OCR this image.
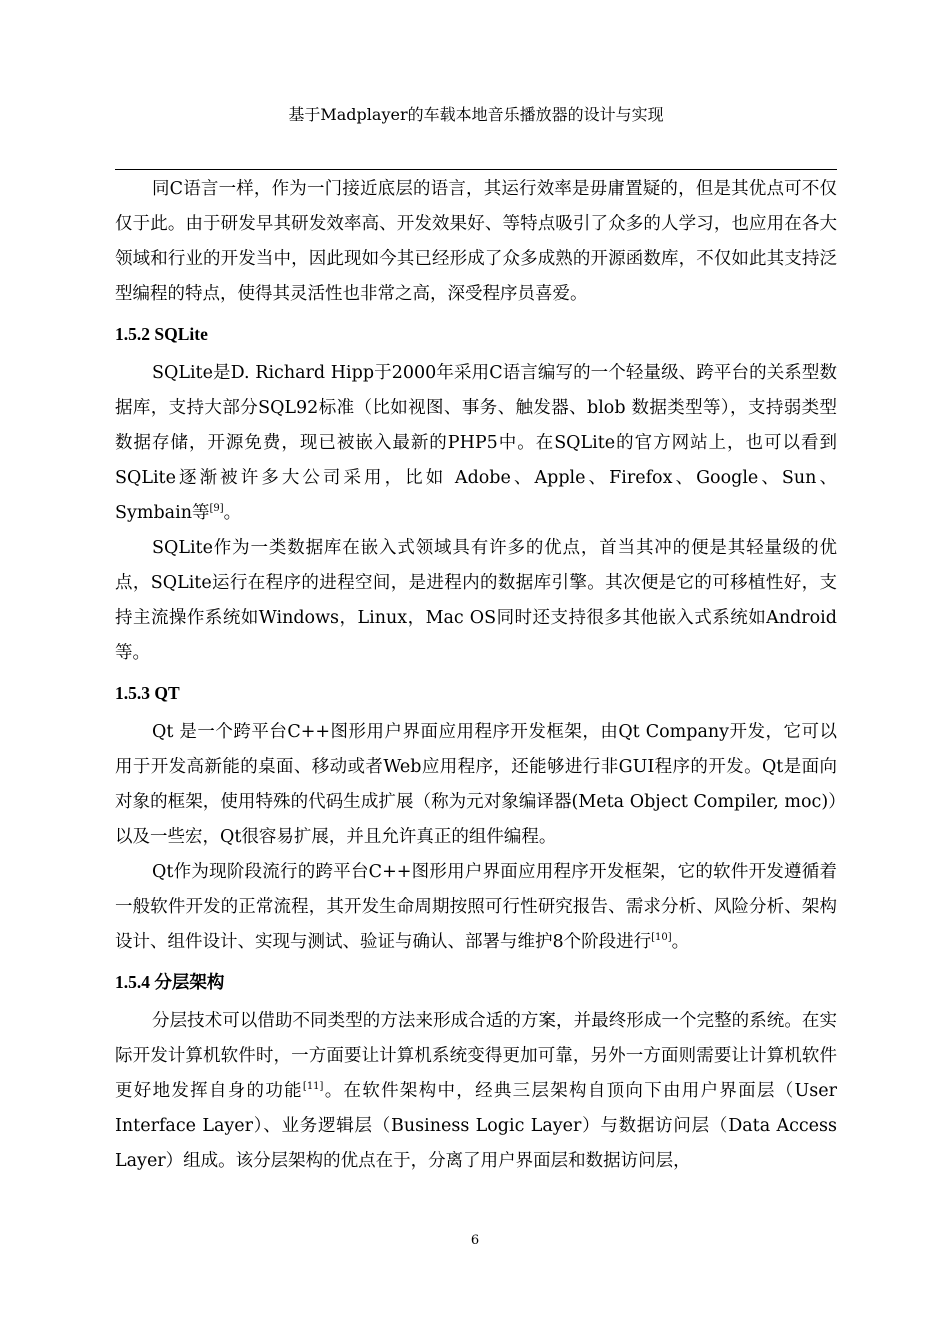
基于Madplayer的车载本地音乐播放器的设计与实现

同C语言一样，作为一门接近底层的语言，其运行效率是毋庸置疑的，但是其优点可不仅仅于此。由于研发早其研发效率高、开发效果好、等特点吸引了众多的人学习，也应用在各大领域和行业的开发当中，因此现如今其已经形成了众多成熟的开源函数库，不仅如此其支持泛型编程的特点，使得其灵活性也非常之高，深受程序员喜爱。

1.5.2 SQLite

SQLite是D. Richard Hipp于2000年采用C语言编写的一个轻量级、跨平台的关系型数据库，支持大部分SQL92标准（比如视图、事务、触发器、blob 数据类型等），支持弱类型数据存储，开源免费，现已被嵌入最新的PHP5中。在SQLite的官方网站上，也可以看到SQLite逐渐被许多大公司采用，比如 Adobe、Apple、Firefox、Google、Sun、Symbain等[9]。

SQLite作为一类数据库在嵌入式领域具有许多的优点，首当其冲的便是其轻量级的优点，SQLite运行在程序的进程空间，是进程内的数据库引擎。其次便是它的可移植性好，支持主流操作系统如Windows，Linux，Mac OS同时还支持很多其他嵌入式系统如Android等。

1.5.3 QT

Qt 是一个跨平台C++图形用户界面应用程序开发框架，由Qt Company开发，它可以用于开发高新能的桌面、移动或者Web应用程序，还能够进行非GUI程序的开发。Qt是面向对象的框架，使用特殊的代码生成扩展（称为元对象编译器(Meta Object Compiler, moc)）以及一些宏，Qt很容易扩展，并且允许真正的组件编程。

Qt作为现阶段流行的跨平台C++图形用户界面应用程序开发框架，它的软件开发遵循着一般软件开发的正常流程，其开发生命周期按照可行性研究报告、需求分析、风险分析、架构设计、组件设计、实现与测试、验证与确认、部署与维护8个阶段进行[10]。

1.5.4 分层架构

分层技术可以借助不同类型的方法来形成合适的方案，并最终形成一个完整的系统。在实际开发计算机软件时，一方面要让计算机系统变得更加可靠，另外一方面则需要让计算机软件更好地发挥自身的功能[11]。在软件架构中，经典三层架构自顶向下由用户界面层（User Interface Layer）、业务逻辑层（Business Logic Layer）与数据访问层（Data Access Layer）组成。该分层架构的优点在于，分离了用户界面层和数据访问层，

6
